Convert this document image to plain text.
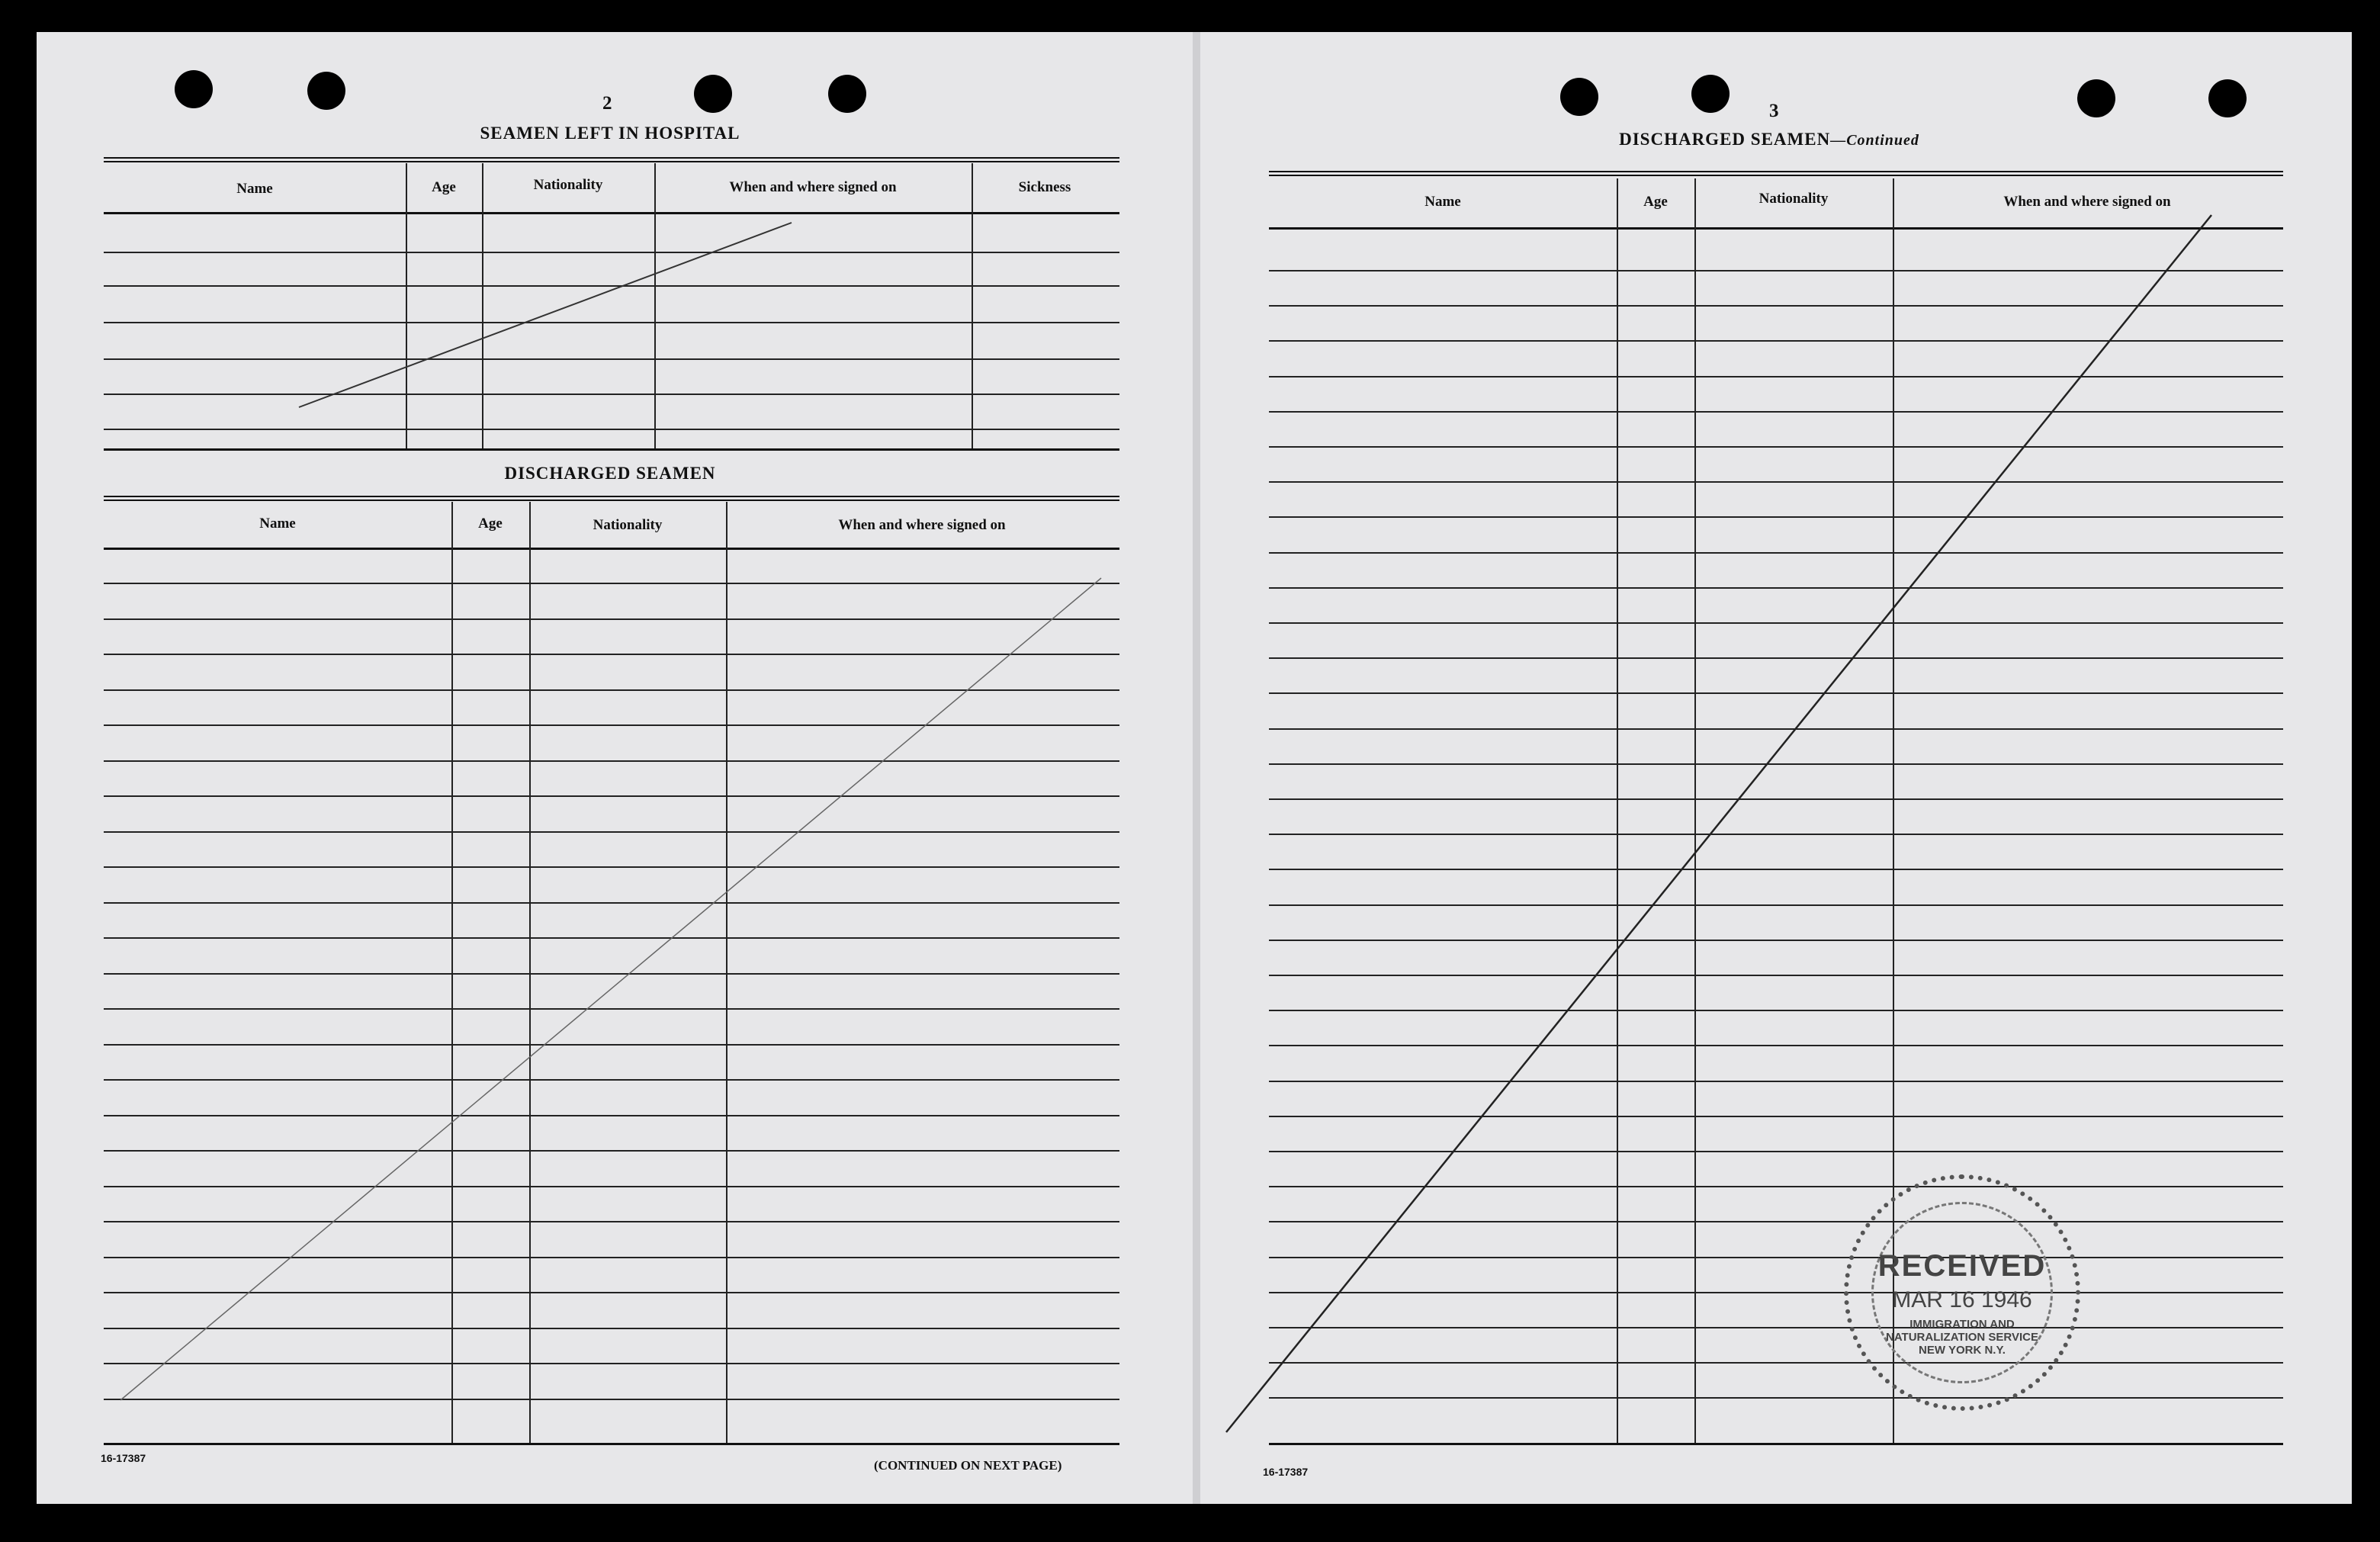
2
SEAMEN LEFT IN HOSPITAL
Name	Age	Nationality	When and where signed on	Sickness
DISCHARGED SEAMEN
Name	Age	Nationality	When and where signed on
16-17387	(CONTINUED ON NEXT PAGE)
3
DISCHARGED SEAMEN—Continued
Name	Age	Nationality	When and where signed on
16-17387
RECEIVED
MAR 16 1946
IMMIGRATION AND NATURALIZATION SERVICE NEW YORK N.Y.
